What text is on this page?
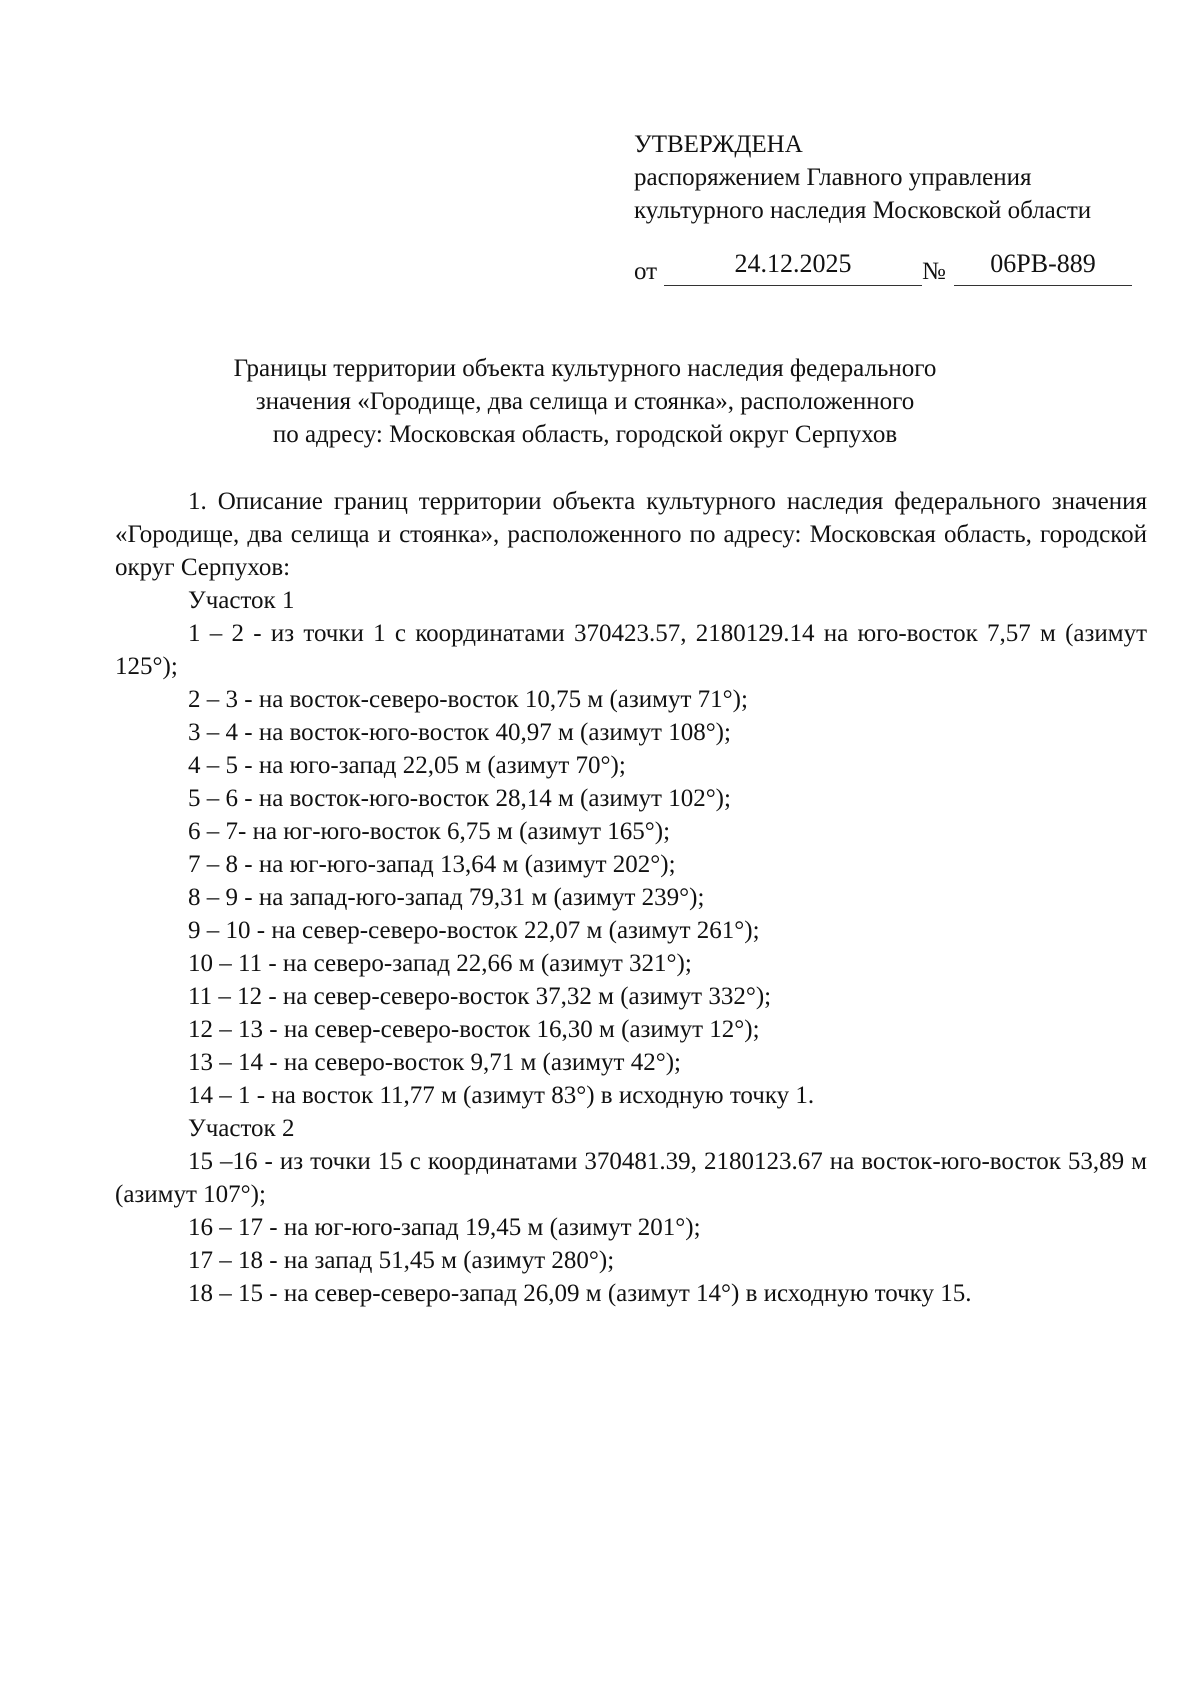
УТВЕРЖДЕНА
распоряжением Главного управления
культурного наследия Московской области
от	24.12.2025	№	06РВ-889
Границы территории объекта культурного наследия федерального
значения «Городище, два селища и стоянка», расположенного
по адресу: Московская область, городской округ Серпухов

1. Описание границ территории объекта культурного наследия федерального значения «Городище, два селища и стоянка», расположенного по адресу: Московская область, городской округ Серпухов:

Участок 1

1 – 2 - из точки 1 с координатами 370423.57, 2180129.14 на юго-восток 7,57 м (азимут 125°);

2 – 3 - на восток-северо-восток 10,75 м (азимут 71°);

3 – 4 - на восток-юго-восток 40,97 м (азимут 108°);

4 – 5 - на юго-запад 22,05 м (азимут 70°);

5 – 6 - на восток-юго-восток 28,14 м (азимут 102°);

6 – 7- на юг-юго-восток 6,75 м (азимут 165°);

7 – 8 - на юг-юго-запад 13,64 м (азимут 202°);

8 – 9 - на запад-юго-запад 79,31 м (азимут 239°);

9 – 10 - на север-северо-восток 22,07 м (азимут 261°);

10 – 11 - на северо-запад 22,66 м (азимут 321°);

11 – 12 - на север-северо-восток 37,32 м (азимут 332°);

12 – 13 - на север-северо-восток 16,30 м (азимут 12°);

13 – 14 - на северо-восток 9,71 м (азимут 42°);

14 – 1 - на восток 11,77 м (азимут 83°) в исходную точку 1.

Участок 2

15 –16 - из точки 15 с координатами 370481.39, 2180123.67 на восток-юго-восток 53,89 м (азимут 107°);

16 – 17 - на юг-юго-запад 19,45 м (азимут 201°);

17 – 18 - на запад 51,45 м (азимут 280°);

18 – 15 - на север-северо-запад 26,09 м (азимут 14°) в исходную точку 15.
